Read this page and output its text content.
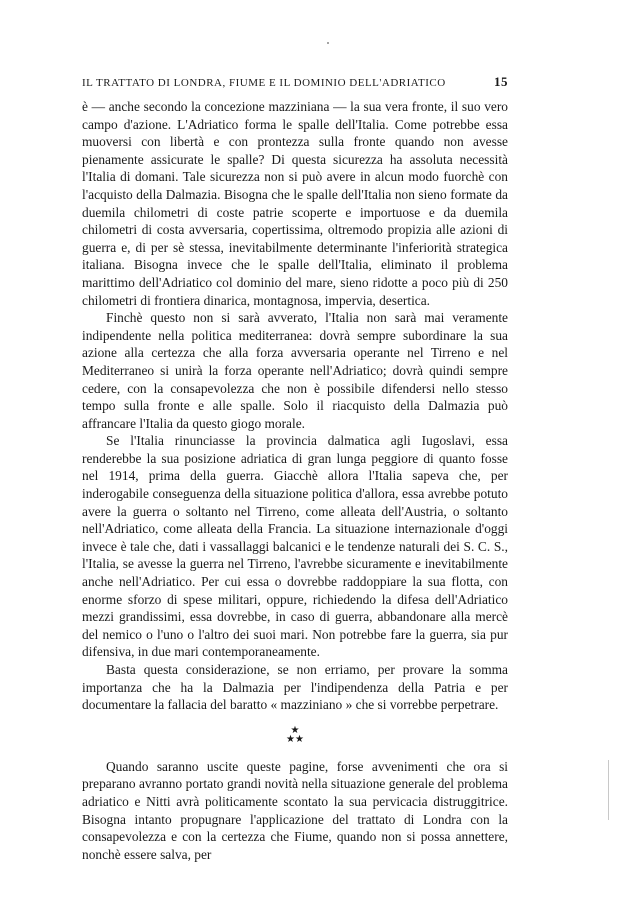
IL TRATTATO DI LONDRA, FIUME E IL DOMINIO DELL'ADRIATICO	15

è — anche secondo la concezione mazziniana — la sua vera fronte, il suo vero campo d'azione. L'Adriatico forma le spalle dell'Italia. Come potrebbe essa muoversi con libertà e con prontezza sulla fronte quando non avesse pienamente assicurate le spalle? Di questa sicurezza ha assoluta necessità l'Italia di domani. Tale sicurezza non si può avere in alcun modo fuorchè con l'acquisto della Dalmazia. Bisogna che le spalle dell'Italia non sieno formate da duemila chilometri di coste patrie scoperte e importuose e da duemila chilometri di costa avversaria, copertissima, oltremodo propizia alle azioni di guerra e, di per sè stessa, inevitabilmente determinante l'inferiorità strategica italiana. Bisogna invece che le spalle dell'Italia, eliminato il problema marittimo dell'Adriatico col dominio del mare, sieno ridotte a poco più di 250 chilometri di frontiera dinarica, montagnosa, impervia, desertica.

Finchè questo non si sarà avverato, l'Italia non sarà mai veramente indipendente nella politica mediterranea: dovrà sempre subordinare la sua azione alla certezza che alla forza avversaria operante nel Tirreno e nel Mediterraneo si unirà la forza operante nell'Adriatico; dovrà quindi sempre cedere, con la consapevolezza che non è possibile difendersi nello stesso tempo sulla fronte e alle spalle. Solo il riacquisto della Dalmazia può affrancare l'Italia da questo giogo morale.

Se l'Italia rinunciasse la provincia dalmatica agli Iugoslavi, essa renderebbe la sua posizione adriatica di gran lunga peggiore di quanto fosse nel 1914, prima della guerra. Giacchè allora l'Italia sapeva che, per inderogabile conseguenza della situazione politica d'allora, essa avrebbe potuto avere la guerra o soltanto nel Tirreno, come alleata dell'Austria, o soltanto nell'Adriatico, come alleata della Francia. La situazione internazionale d'oggi invece è tale che, dati i vassallaggi balcanici e le tendenze naturali dei S. C. S., l'Italia, se avesse la guerra nel Tirreno, l'avrebbe sicuramente e inevitabilmente anche nell'Adriatico. Per cui essa o dovrebbe raddoppiare la sua flotta, con enorme sforzo di spese militari, oppure, richiedendo la difesa dell'Adriatico mezzi grandissimi, essa dovrebbe, in caso di guerra, abbandonare alla mercè del nemico o l'uno o l'altro dei suoi mari. Non potrebbe fare la guerra, sia pur difensiva, in due mari contemporaneamente.

Basta questa considerazione, se non erriamo, per provare la somma importanza che ha la Dalmazia per l'indipendenza della Patria e per documentare la fallacia del baratto « mazziniano » che si vorrebbe perpetrare.

★
★★

Quando saranno uscite queste pagine, forse avvenimenti che ora si preparano avranno portato grandi novità nella situazione generale del problema adriatico e Nitti avrà politicamente scontato la sua pervicacia distruggitrice. Bisogna intanto propugnare l'applicazione del trattato di Londra con la consapevolezza e con la certezza che Fiume, quando non si possa annettere, nonchè essere salva, per
